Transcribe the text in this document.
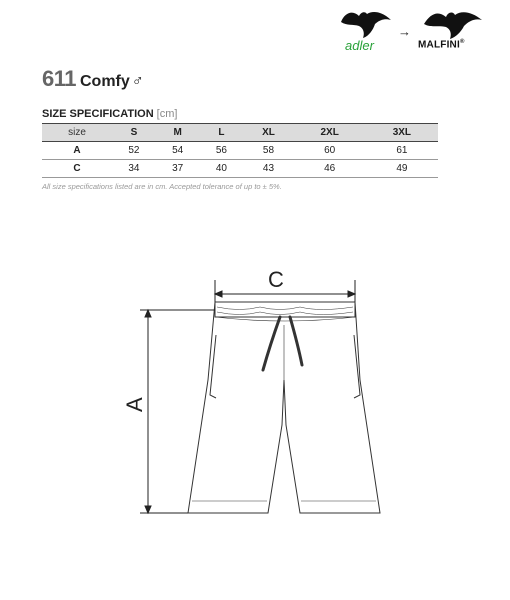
adler
→
MALFINI®
611 Comfy ♂
SIZE SPECIFICATION [cm]
size	S	M	L	XL	2XL	3XL
A	52	54	56	58	60	61
C	34	37	40	43	46	49
All size specifications listed are in cm. Accepted tolerance of up to ± 5%.
C
A
